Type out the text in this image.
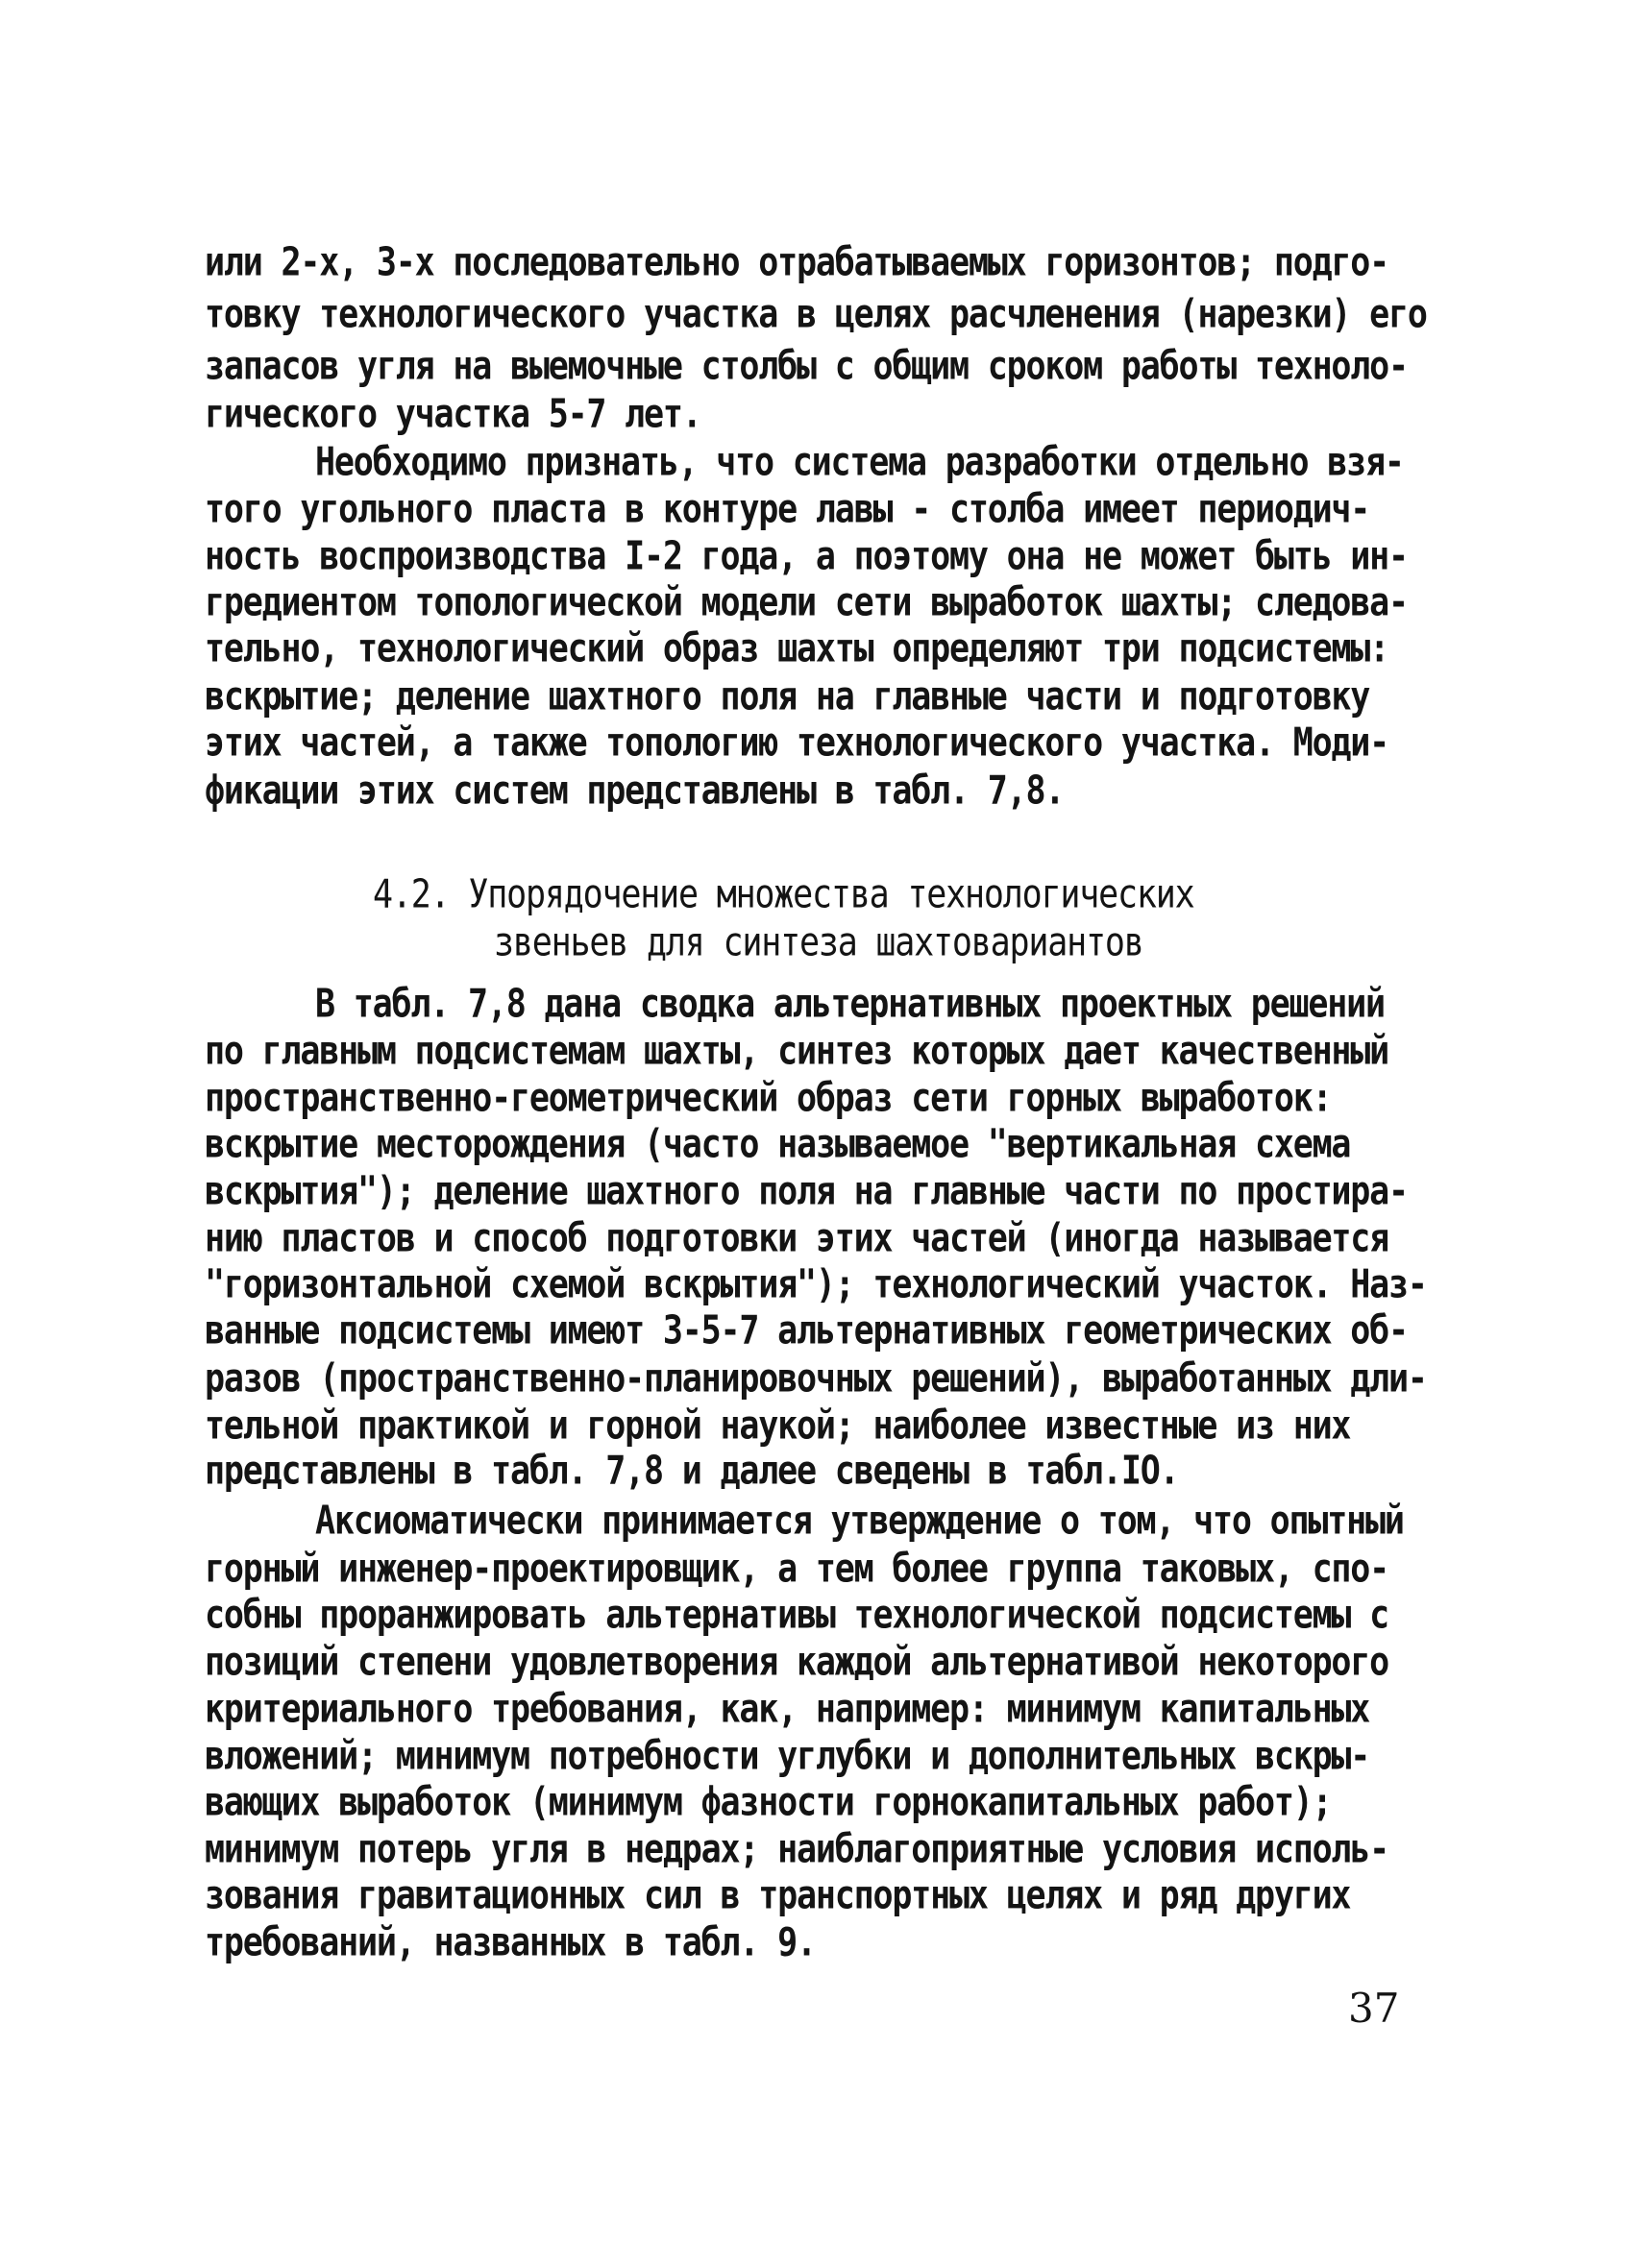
или 2-х, 3-х последовательно отрабатываемых горизонтов; подго-
товку технологического участка в целях расчленения (нарезки) его
запасов угля на выемочные столбы с общим сроком работы техноло-
гического участка 5-7 лет.
Необходимо признать, что система разработки отдельно взя-
того угольного пласта в контуре лавы - столба имеет периодич-
ность воспроизводства I-2 года, а поэтому она не может быть ин-
гредиентом топологической модели сети выработок шахты; следова-
тельно, технологический образ шахты определяют три подсистемы:
вскрытие; деление шахтного поля на главные части и подготовку
этих частей, а также топологию технологического участка. Моди-
фикации этих систем представлены в табл. 7,8.
4.2. Упорядочение множества технологических
звеньев для синтеза шахтовариантов
В табл. 7,8 дана сводка альтернативных проектных решений
по главным подсистемам шахты, синтез которых дает качественный
пространственно-геометрический образ сети горных выработок:
вскрытие месторождения (часто называемое "вертикальная схема
вскрытия"); деление шахтного поля на главные части по простира-
нию пластов и способ подготовки этих частей (иногда называется
"горизонтальной схемой вскрытия"); технологический участок. Наз-
ванные подсистемы имеют 3-5-7 альтернативных геометрических об-
разов (пространственно-планировочных решений), выработанных дли-
тельной практикой и горной наукой; наиболее известные из них
представлены в табл. 7,8 и далее сведены в табл.IO.
Аксиоматически принимается утверждение о том, что опытный
горный инженер-проектировщик, а тем более группа таковых, спо-
собны проранжировать альтернативы технологической подсистемы с
позиций степени удовлетворения каждой альтернативой некоторого
критериального требования, как, например: минимум капитальных
вложений; минимум потребности углубки и дополнительных вскры-
вающих выработок (минимум фазности горнокапитальных работ);
минимум потерь угля в недрах; наиблагоприятные условия исполь-
зования гравитационных сил в транспортных целях и ряд других
требований, названных в табл. 9.
37
